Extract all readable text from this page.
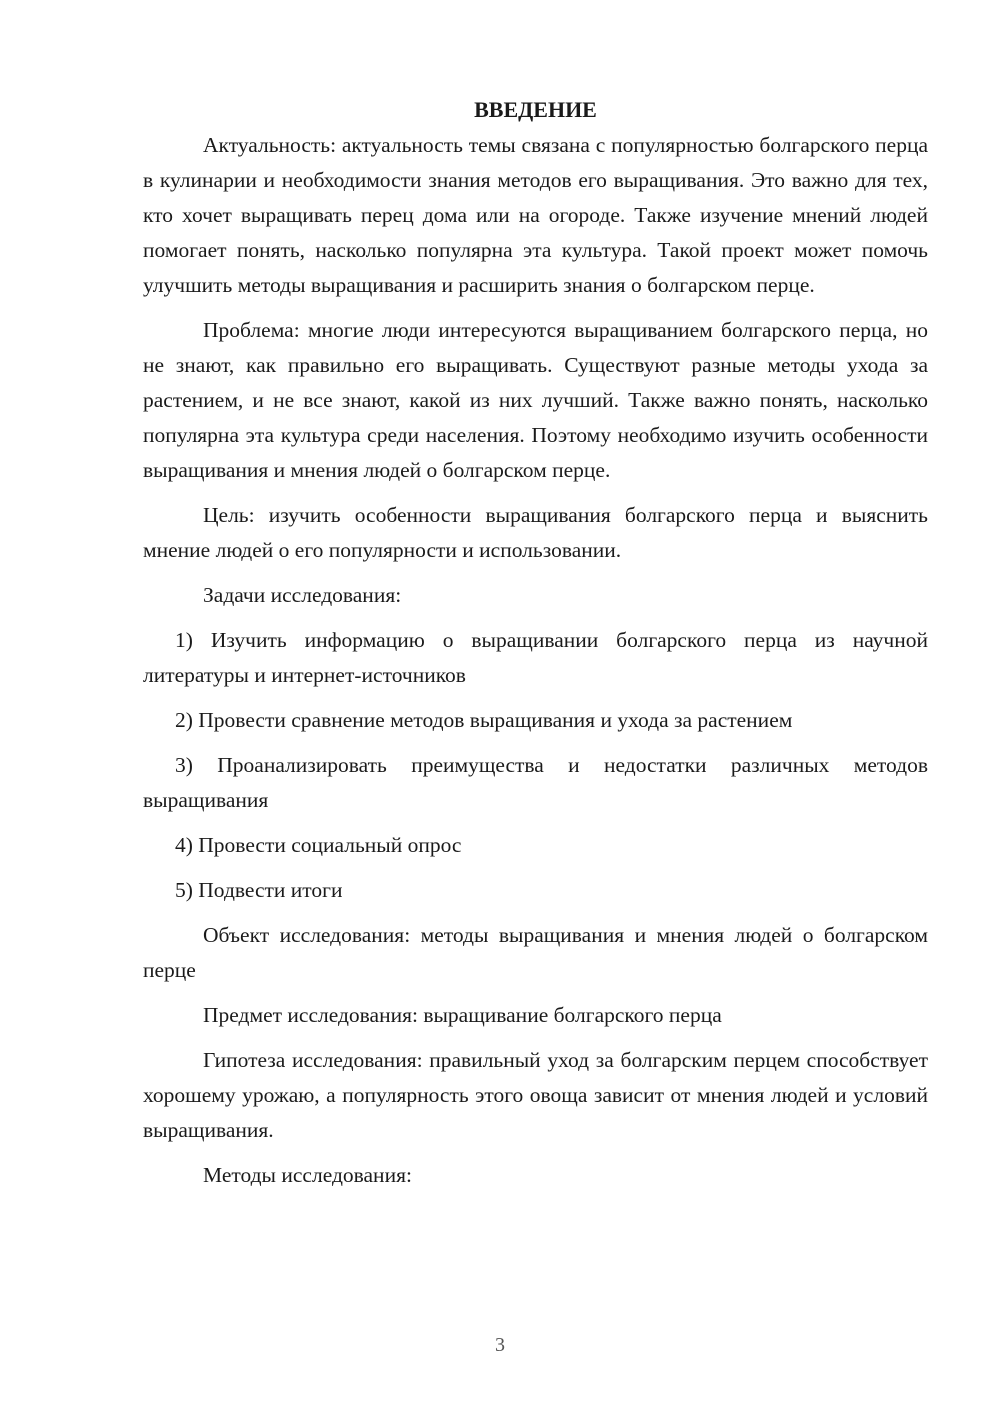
ВВЕДЕНИЕ

Актуальность: актуальность темы связана с популярностью болгарского перца в кулинарии и необходимости знания методов его выращивания. Это важно для тех, кто хочет выращивать перец дома или на огороде. Также изучение мнений людей помогает понять, насколько популярна эта культура. Такой проект может помочь улучшить методы выращивания и расширить знания о болгарском перце.

Проблема: многие люди интересуются выращиванием болгарского перца, но не знают, как правильно его выращивать. Существуют разные методы ухода за растением, и не все знают, какой из них лучший. Также важно понять, насколько популярна эта культура среди населения. Поэтому необходимо изучить особенности выращивания и мнения людей о болгарском перце.

Цель: изучить особенности выращивания болгарского перца и выяснить мнение людей о его популярности и использовании.

Задачи исследования:

1) Изучить информацию о выращивании болгарского перца из научной литературы и интернет-источников

2) Провести сравнение методов выращивания и ухода за растением

3) Проанализировать преимущества и недостатки различных методов выращивания

4) Провести социальный опрос

5) Подвести итоги

Объект исследования: методы выращивания и мнения людей о болгарском перце

Предмет исследования: выращивание болгарского перца

Гипотеза исследования: правильный уход за болгарским перцем способствует хорошему урожаю, а популярность этого овоща зависит от мнения людей и условий выращивания.

Методы исследования:

3
